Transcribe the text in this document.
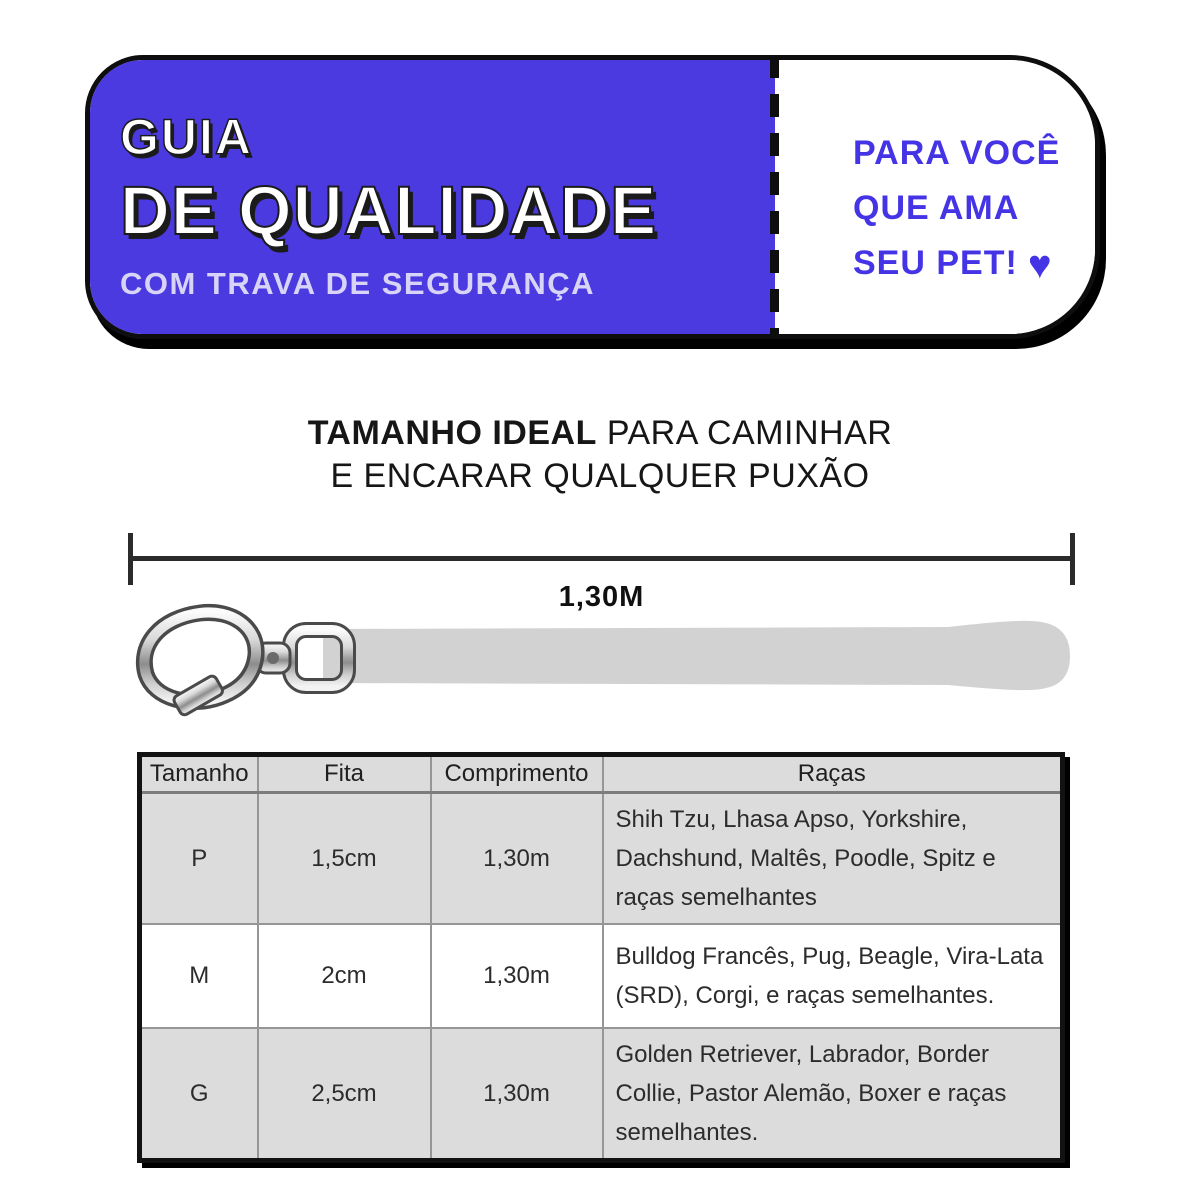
GUIA
DE QUALIDADE
COM TRAVA DE SEGURANÇA
PARA VOCÊ
QUE AMA
SEU PET! ♥
TAMANHO IDEAL PARA CAMINHAR
E ENCARAR QUALQUER PUXÃO
1,30M
Tamanho	Fita	Comprimento	Raças
P	1,5cm	1,30m	Shih Tzu, Lhasa Apso, Yorkshire, Dachshund, Maltês, Poodle, Spitz e raças semelhantes
M	2cm	1,30m	Bulldog Francês, Pug, Beagle, Vira-Lata (SRD), Corgi, e raças semelhantes.
G	2,5cm	1,30m	Golden Retriever, Labrador, Border Collie, Pastor Alemão, Boxer e raças semelhantes.
